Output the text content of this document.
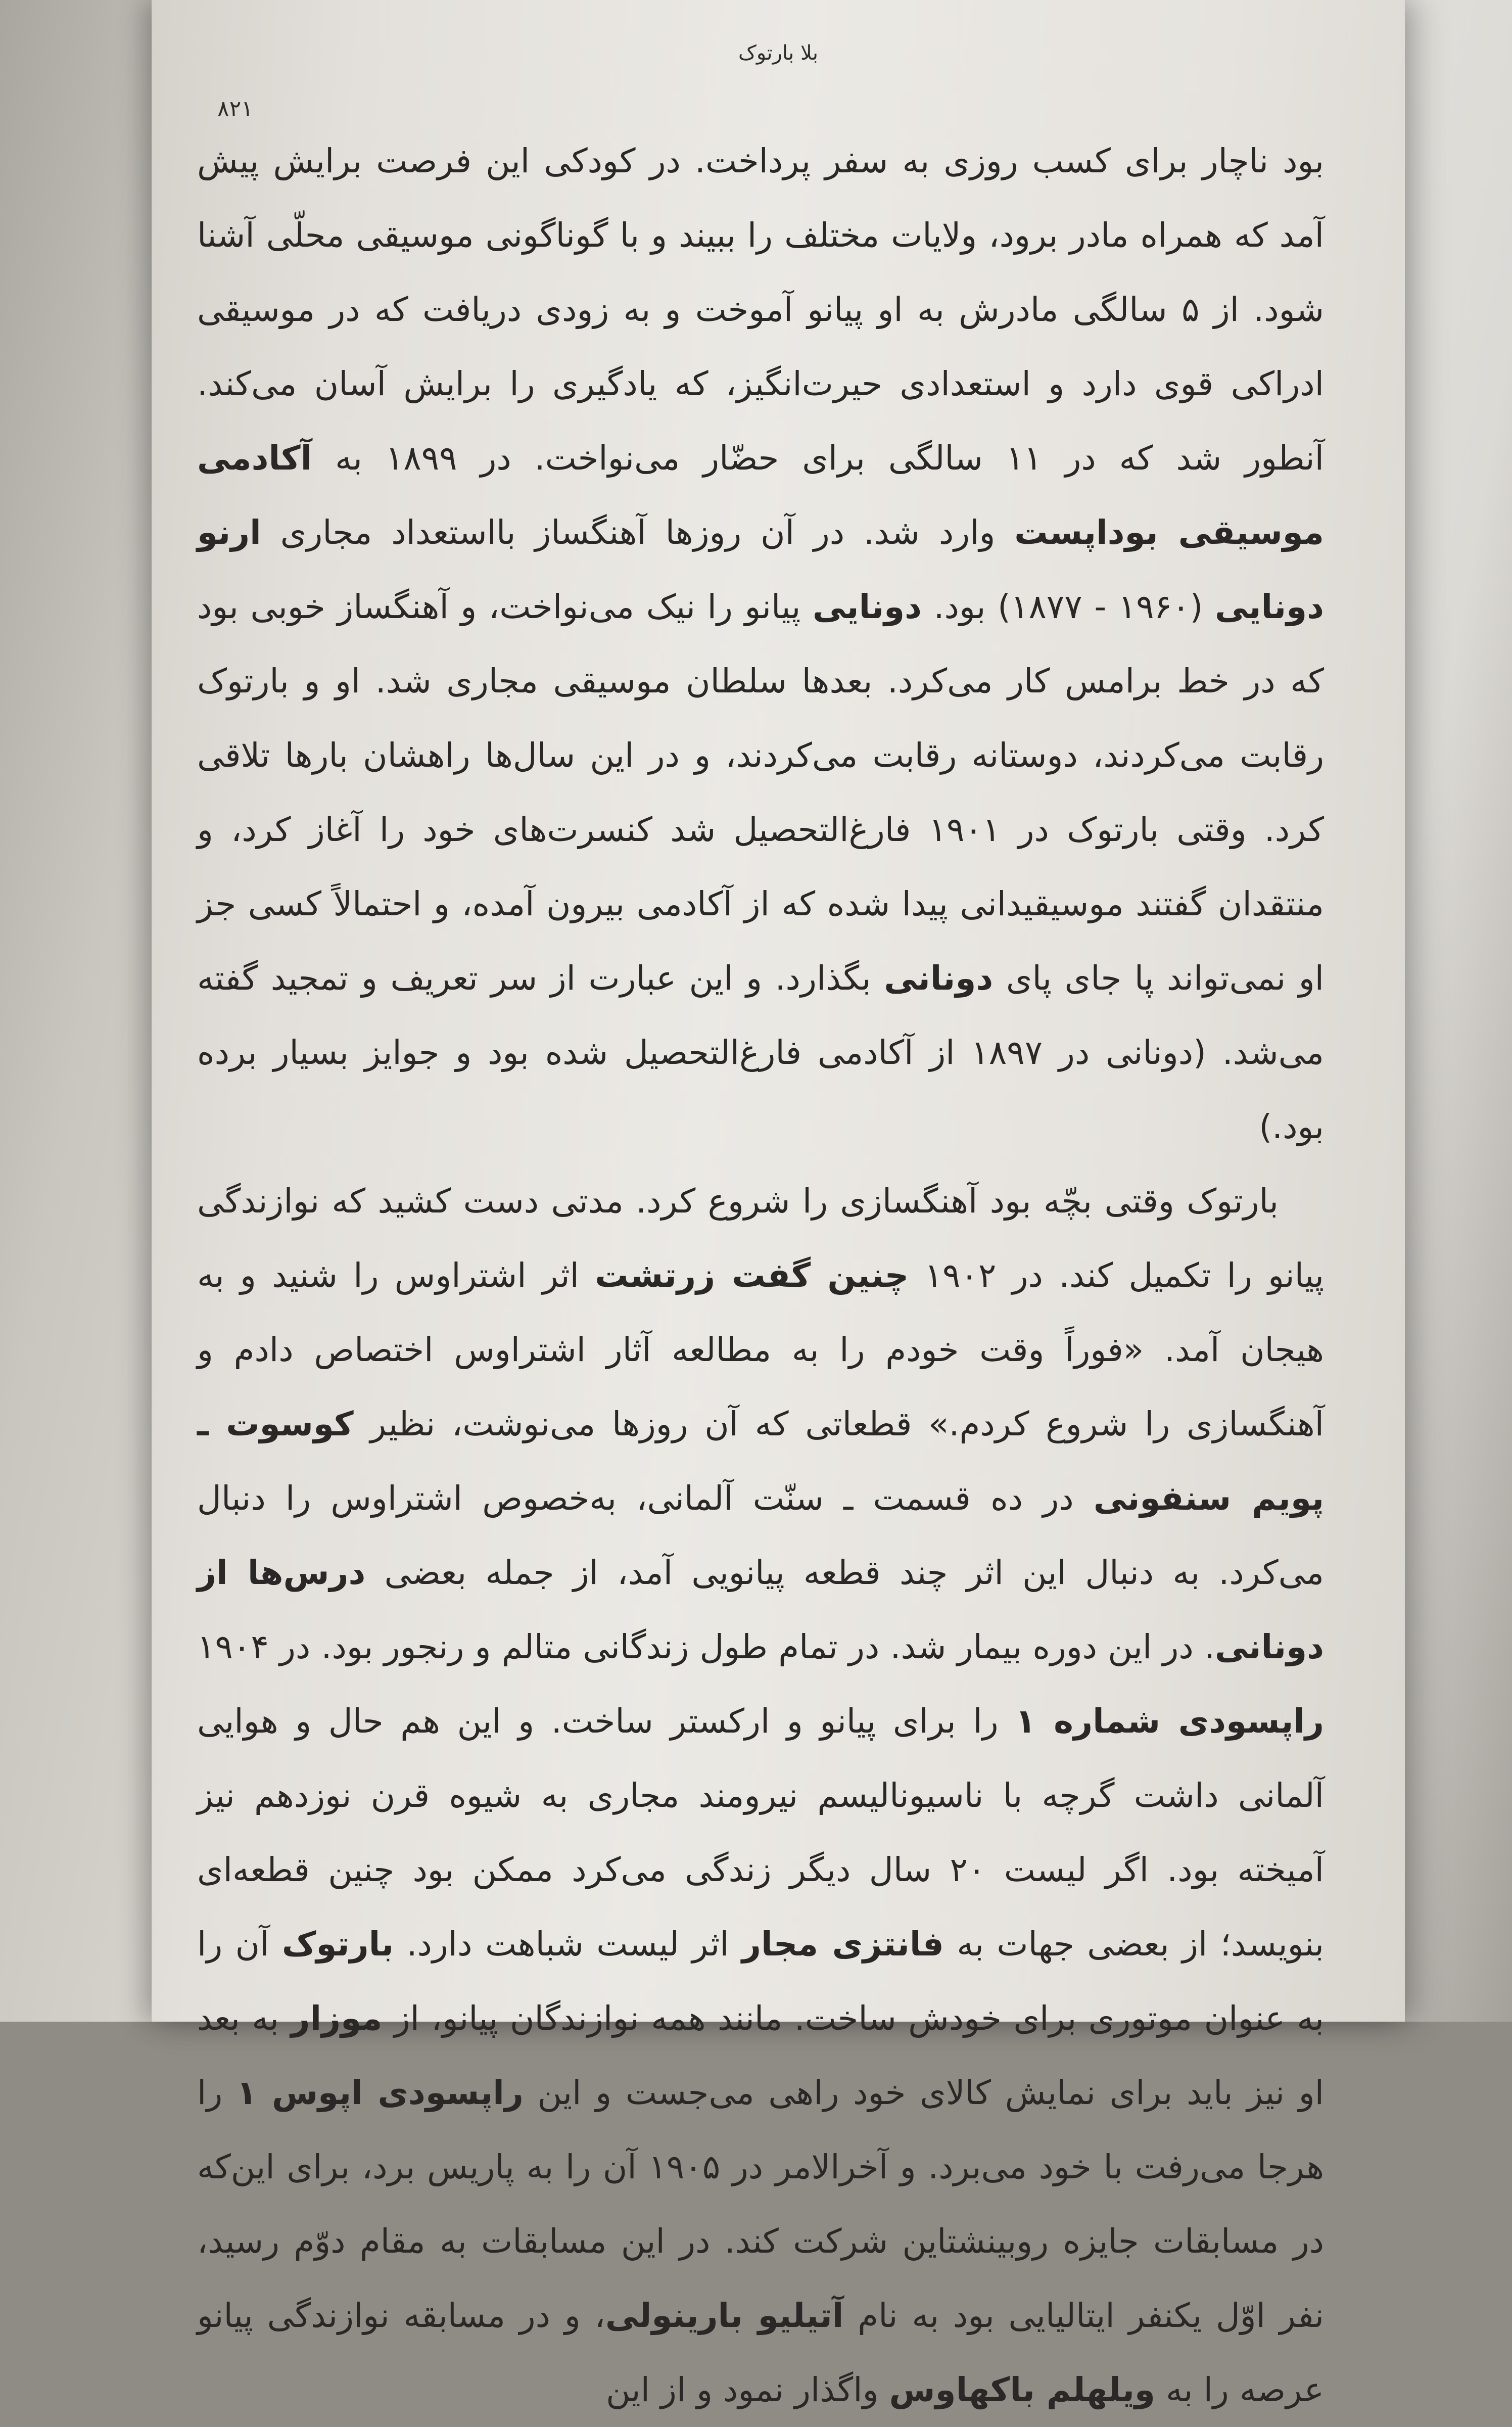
بلا بارتوک
۸۲۱

بود ناچار برای کسب روزی به سفر پرداخت. در کودکی این فرصت برایش پیش آمد که همراه مادر برود، ولایات مختلف را ببیند و با گوناگونی موسیقی محلّی آشنا شود. از ۵ سالگی مادرش به او پیانو آموخت و به زودی دریافت که در موسیقی ادراکی قوی دارد و استعدادی حیرت‌انگیز، که یادگیری را برایش آسان می‌کند. آنطور شد که در ۱۱ سالگی برای حضّار می‌نواخت. در ۱۸۹۹ به آکادمی موسیقی بوداپست وارد شد. در آن روزها آهنگساز بااستعداد مجاری ارنو دونایی (۱۹۶۰ - ۱۸۷۷) بود. دونایی پیانو را نیک می‌نواخت، و آهنگساز خوبی بود که در خط برامس کار می‌کرد. بعدها سلطان موسیقی مجاری شد. او و بارتوک رقابت می‌کردند، دوستانه رقابت می‌کردند، و در این سال‌ها راهشان بارها تلاقی کرد. وقتی بارتوک در ۱۹۰۱ فارغ‌التحصیل شد کنسرت‌های خود را آغاز کرد، و منتقدان گفتند موسیقیدانی پیدا شده که از آکادمی بیرون آمده، و احتمالاً کسی جز او نمی‌تواند پا جای پای دونانی بگذارد. و این عبارت از سر تعریف و تمجید گفته می‌شد. (دونانی در ۱۸۹۷ از آکادمی فارغ‌التحصیل شده بود و جوایز بسیار برده بود.)

بارتوک وقتی بچّه بود آهنگسازی را شروع کرد. مدتی دست کشید که نوازندگی پیانو را تکمیل کند. در ۱۹۰۲ چنین گفت زرتشت اثر اشتراوس را شنید و به هیجان آمد. «فوراً وقت خودم را به مطالعه آثار اشتراوس اختصاص دادم و آهنگسازی را شروع کردم.» قطعاتی که آن روزها می‌نوشت، نظیر کوسوت ـ پویم سنفونی در ده قسمت ـ سنّت آلمانی، به‌خصوص اشتراوس را دنبال می‌کرد. به دنبال این اثر چند قطعه پیانویی آمد، از جمله بعضی درس‌ها از دونانی. در این دوره بیمار شد. در تمام طول زندگانی متالم و رنجور بود. در ۱۹۰۴ راپسودی شماره ۱ را برای پیانو و ارکستر ساخت. و این هم حال و هوایی آلمانی داشت گرچه با ناسیونالیسم نیرومند مجاری به شیوه قرن نوزدهم نیز آمیخته بود. اگر لیست ۲۰ سال دیگر زندگی می‌کرد ممکن بود چنین قطعه‌ای بنویسد؛ از بعضی جهات به فانتزی مجار اثر لیست شباهت دارد. بارتوک آن را به عنوان موتوری برای خودش ساخت. مانند همه نوازندگان پیانو، از موزار به بعد او نیز باید برای نمایش کالای خود راهی می‌جست و این راپسودی اپوس ۱ را هرجا می‌رفت با خود می‌برد. و آخرالامر در ۱۹۰۵ آن را به پاریس برد، برای این‌که در مسابقات جایزه روبینشتاین شرکت کند. در این مسابقات به مقام دوّم رسید، نفر اوّل یکنفر ایتالیایی بود به نام آتیلیو بارینولی، و در مسابقه نوازندگی پیانو عرصه را به ویلهلم باکهاوس واگذار نمود و از این
